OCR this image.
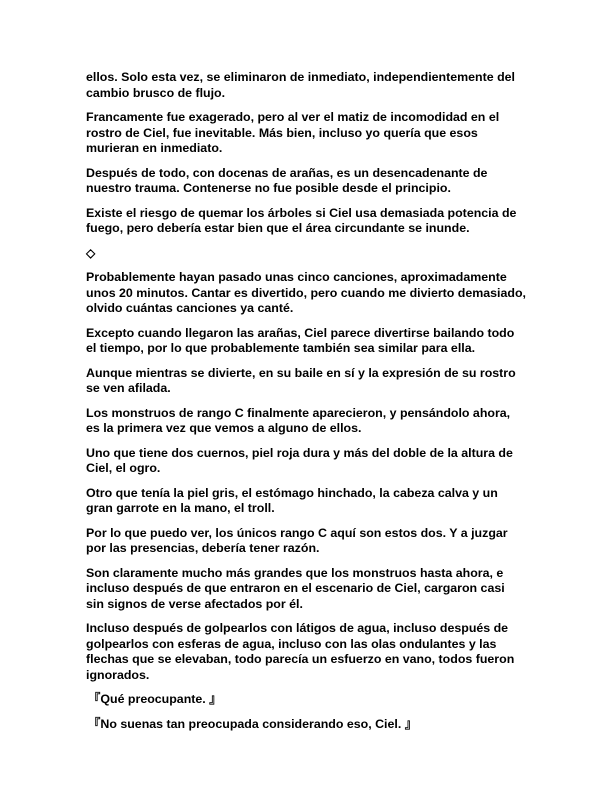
ellos. Solo esta vez, se eliminaron de inmediato, independientemente del cambio brusco de flujo.

Francamente fue exagerado, pero al ver el matiz de incomodidad en el rostro de Ciel, fue inevitable. Más bien, incluso yo quería que esos murieran en inmediato.

Después de todo, con docenas de arañas, es un desencadenante de nuestro trauma. Contenerse no fue posible desde el principio.

Existe el riesgo de quemar los árboles si Ciel usa demasiada potencia de fuego, pero debería estar bien que el área circundante se inunde.

◇

Probablemente hayan pasado unas cinco canciones, aproximadamente unos 20 minutos. Cantar es divertido, pero cuando me divierto demasiado, olvido cuántas canciones ya canté.

Excepto cuando llegaron las arañas, Ciel parece divertirse bailando todo el tiempo, por lo que probablemente también sea similar para ella.

Aunque mientras se divierte, en su baile en sí y la expresión de su rostro se ven afilada.

Los monstruos de rango C finalmente aparecieron, y pensándolo ahora, es la primera vez que vemos a alguno de ellos.

Uno que tiene dos cuernos, piel roja dura y más del doble de la altura de Ciel, el ogro.

Otro que tenía la piel gris, el estómago hinchado, la cabeza calva y un gran garrote en la mano, el troll.

Por lo que puedo ver, los únicos rango C aquí son estos dos. Y a juzgar por las presencias, debería tener razón.

Son claramente mucho más grandes que los monstruos hasta ahora, e incluso después de que entraron en el escenario de Ciel, cargaron casi sin signos de verse afectados por él.

Incluso después de golpearlos con látigos de agua, incluso después de golpearlos con esferas de agua, incluso con las olas ondulantes y las flechas que se elevaban, todo parecía un esfuerzo en vano, todos fueron ignorados.

『Qué preocupante. 』

『No suenas tan preocupada considerando eso, Ciel. 』
